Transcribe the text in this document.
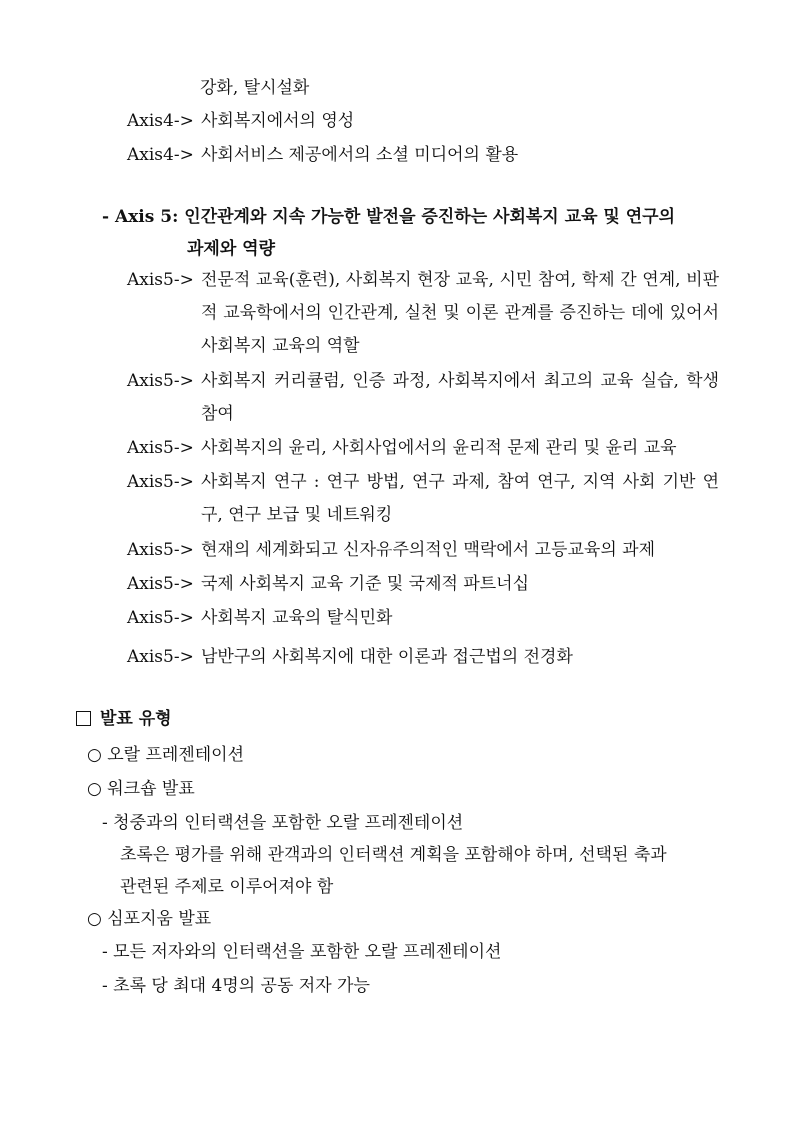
강화, 탈시설화
Axis4-> 사회복지에서의 영성
Axis4-> 사회서비스 제공에서의 소셜 미디어의 활용
- Axis 5: 인간관계와 지속 가능한 발전을 증진하는 사회복지 교육 및 연구의
과제와 역량
Axis5-> 전문적 교육(훈련), 사회복지 현장 교육, 시민 참여, 학제 간 연계, 비판적 교육학에서의 인간관계, 실천 및 이론 관계를 증진하는 데에 있어서 사회복지 교육의 역할
Axis5-> 사회복지 커리큘럼, 인증 과정, 사회복지에서 최고의 교육 실습, 학생 참여
Axis5-> 사회복지의 윤리, 사회사업에서의 윤리적 문제 관리 및 윤리 교육
Axis5-> 사회복지 연구 : 연구 방법, 연구 과제, 참여 연구, 지역 사회 기반 연구, 연구 보급 및 네트워킹
Axis5-> 현재의 세계화되고 신자유주의적인 맥락에서 고등교육의 과제
Axis5-> 국제 사회복지 교육 기준 및 국제적 파트너십
Axis5-> 사회복지 교육의 탈식민화
Axis5-> 남반구의 사회복지에 대한 이론과 접근법의 전경화
발표 유형
○ 오랄 프레젠테이션
○ 워크숍 발표
- 청중과의 인터랙션을 포함한 오랄 프레젠테이션
초록은 평가를 위해 관객과의 인터랙션 계획을 포함해야 하며, 선택된 축과
관련된 주제로 이루어져야 함
○ 심포지움 발표
- 모든 저자와의 인터랙션을 포함한 오랄 프레젠테이션
- 초록 당 최대 4명의 공동 저자 가능
